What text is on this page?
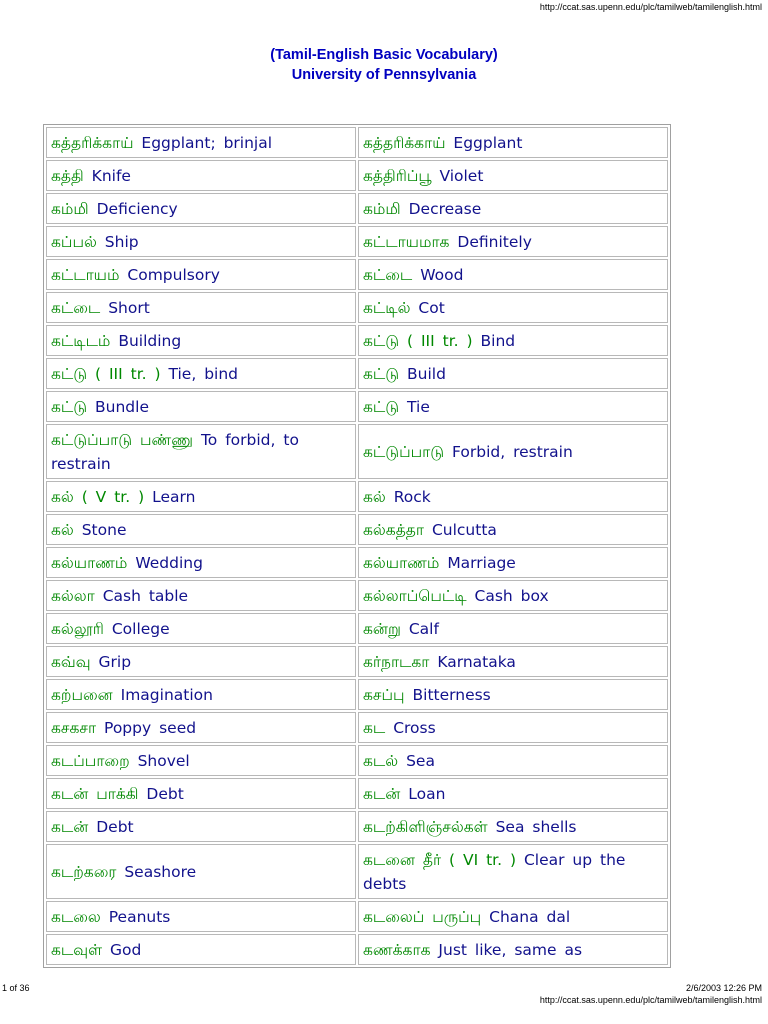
http://ccat.sas.upenn.edu/plc/tamilweb/tamilenglish.html
(Tamil-English Basic Vocabulary)
University of Pennsylvania
கத்தரிக்காய் Eggplant; brinjal	கத்தரிக்காய் Eggplant
கத்தி Knife	கத்திரிப்பூ Violet
கம்மி Deficiency	கம்மி Decrease
கப்பல் Ship	கட்டாயமாக Definitely
கட்டாயம் Compulsory	கட்டை Wood
கட்டை Short	கட்டில் Cot
கட்டிடம் Building	கட்டு ( III tr. ) Bind
கட்டு ( III tr. ) Tie, bind	கட்டு Build
கட்டு Bundle	கட்டு Tie
கட்டுப்பாடு பண்ணு To forbid, to restrain	கட்டுப்பாடு Forbid, restrain
கல் ( V tr. ) Learn	கல் Rock
கல் Stone	கல்கத்தா Culcutta
கல்யாணம் Wedding	கல்யாணம் Marriage
கல்லா Cash table	கல்லாப்பெட்டி Cash box
கல்லூரி College	கன்று Calf
கவ்வு Grip	கர்நாடகா Karnataka
கற்பனை Imagination	கசப்பு Bitterness
கசகசா Poppy seed	கட Cross
கடப்பாறை Shovel	கடல் Sea
கடன் பாக்கி Debt	கடன் Loan
கடன் Debt	கடற்கிளிஞ்சல்கள் Sea shells
கடற்கரை Seashore	கடனை தீர் ( VI tr. ) Clear up the debts
கடலை Peanuts	கடலைப் பருப்பு Chana dal
கடவுள் God	கணக்காக Just like, same as
1 of 36	2/6/2003 12:26 PM
http://ccat.sas.upenn.edu/plc/tamilweb/tamilenglish.html
